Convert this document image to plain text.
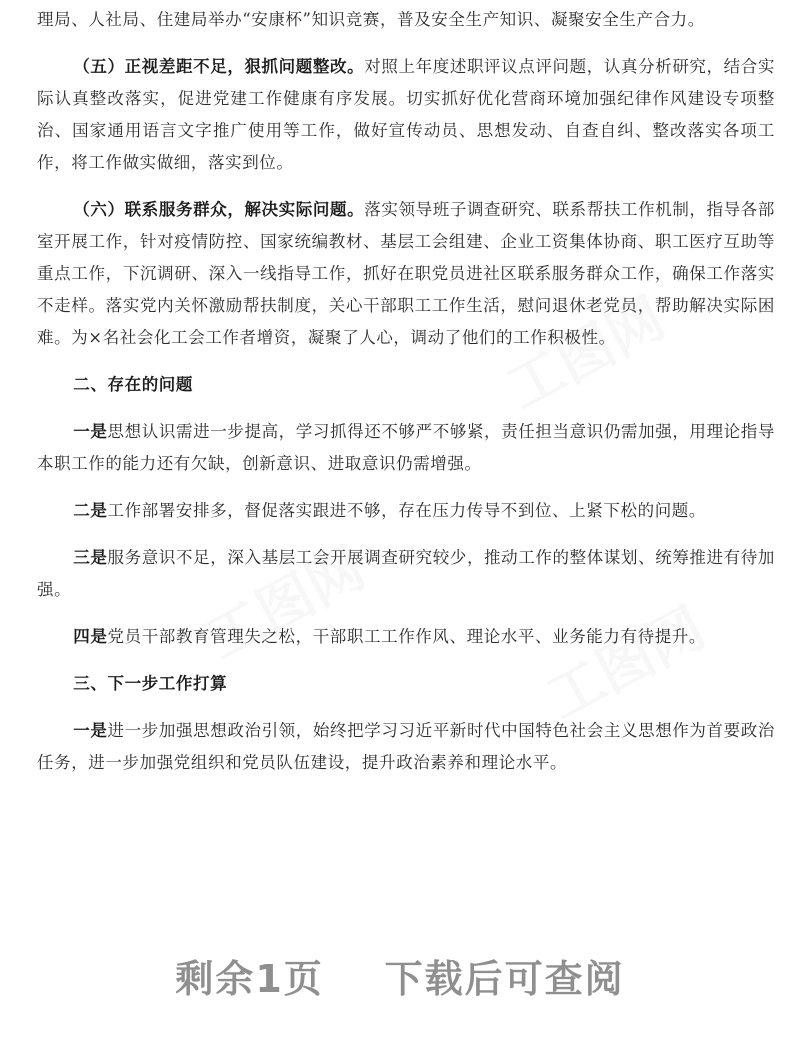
工图网
工图网	工图网

理局、人社局、住建局举办“安康杯”知识竞赛，普及安全生产知识、凝聚安全生产合力。

（五）正视差距不足，狠抓问题整改。对照上年度述职评议点评问题，认真分析研究，结合实际认真整改落实，促进党建工作健康有序发展。切实抓好优化营商环境加强纪律作风建设专项整治、国家通用语言文字推广使用等工作，做好宣传动员、思想发动、自查自纠、整改落实各项工作，将工作做实做细，落实到位。

（六）联系服务群众，解决实际问题。落实领导班子调查研究、联系帮扶工作机制，指导各部室开展工作，针对疫情防控、国家统编教材、基层工会组建、企业工资集体协商、职工医疗互助等重点工作，下沉调研、深入一线指导工作，抓好在职党员进社区联系服务群众工作，确保工作落实不走样。落实党内关怀激励帮扶制度，关心干部职工工作生活，慰问退休老党员，帮助解决实际困难。为×名社会化工会工作者增资，凝聚了人心，调动了他们的工作积极性。

二、存在的问题

一是思想认识需进一步提高，学习抓得还不够严不够紧，责任担当意识仍需加强，用理论指导本职工作的能力还有欠缺，创新意识、进取意识仍需增强。

二是工作部署安排多，督促落实跟进不够，存在压力传导不到位、上紧下松的问题。

三是服务意识不足，深入基层工会开展调查研究较少，推动工作的整体谋划、统筹推进有待加强。

四是党员干部教育管理失之松，干部职工工作作风、理论水平、业务能力有待提升。

三、下一步工作打算

一是进一步加强思想政治引领，始终把学习习近平新时代中国特色社会主义思想作为首要政治任务，进一步加强党组织和党员队伍建设，提升政治素养和理论水平。

剩余1页    下载后可查阅
